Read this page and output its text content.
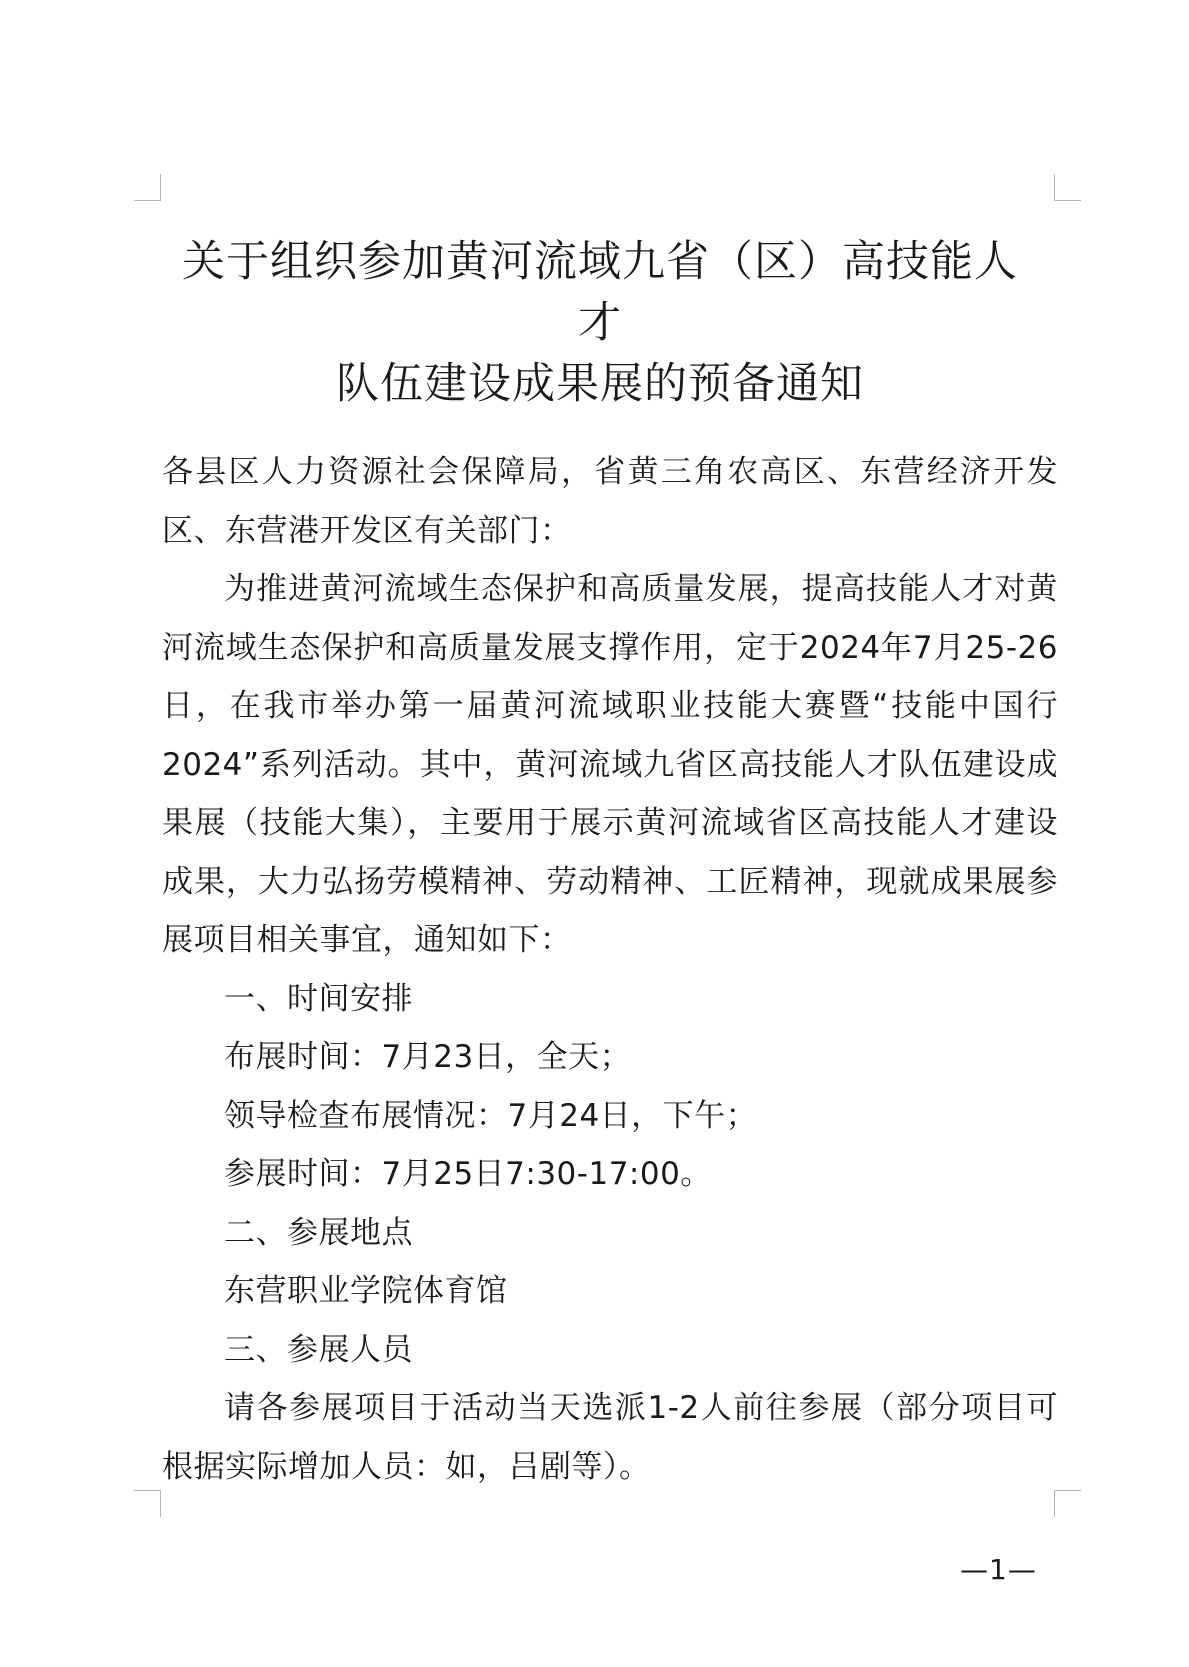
关于组织参加黄河流域九省（区）高技能人
才
队伍建设成果展的预备通知

各县区人力资源社会保障局，省黄三角农高区、东营经济开发区、东营港开发区有关部门：

为推进黄河流域生态保护和高质量发展，提高技能人才对黄河流域生态保护和高质量发展支撑作用，定于2024年7月25-26日，在我市举办第一届黄河流域职业技能大赛暨“技能中国行2024”系列活动。其中，黄河流域九省区高技能人才队伍建设成果展（技能大集），主要用于展示黄河流域省区高技能人才建设成果，大力弘扬劳模精神、劳动精神、工匠精神，现就成果展参展项目相关事宜，通知如下：

一、时间安排

布展时间：7月23日，全天；

领导检查布展情况：7月24日，下午；

参展时间：7月25日7:30-17:00。

二、参展地点

东营职业学院体育馆

三、参展人员

请各参展项目于活动当天选派1-2人前往参展（部分项目可根据实际增加人员：如，吕剧等）。

—1—
